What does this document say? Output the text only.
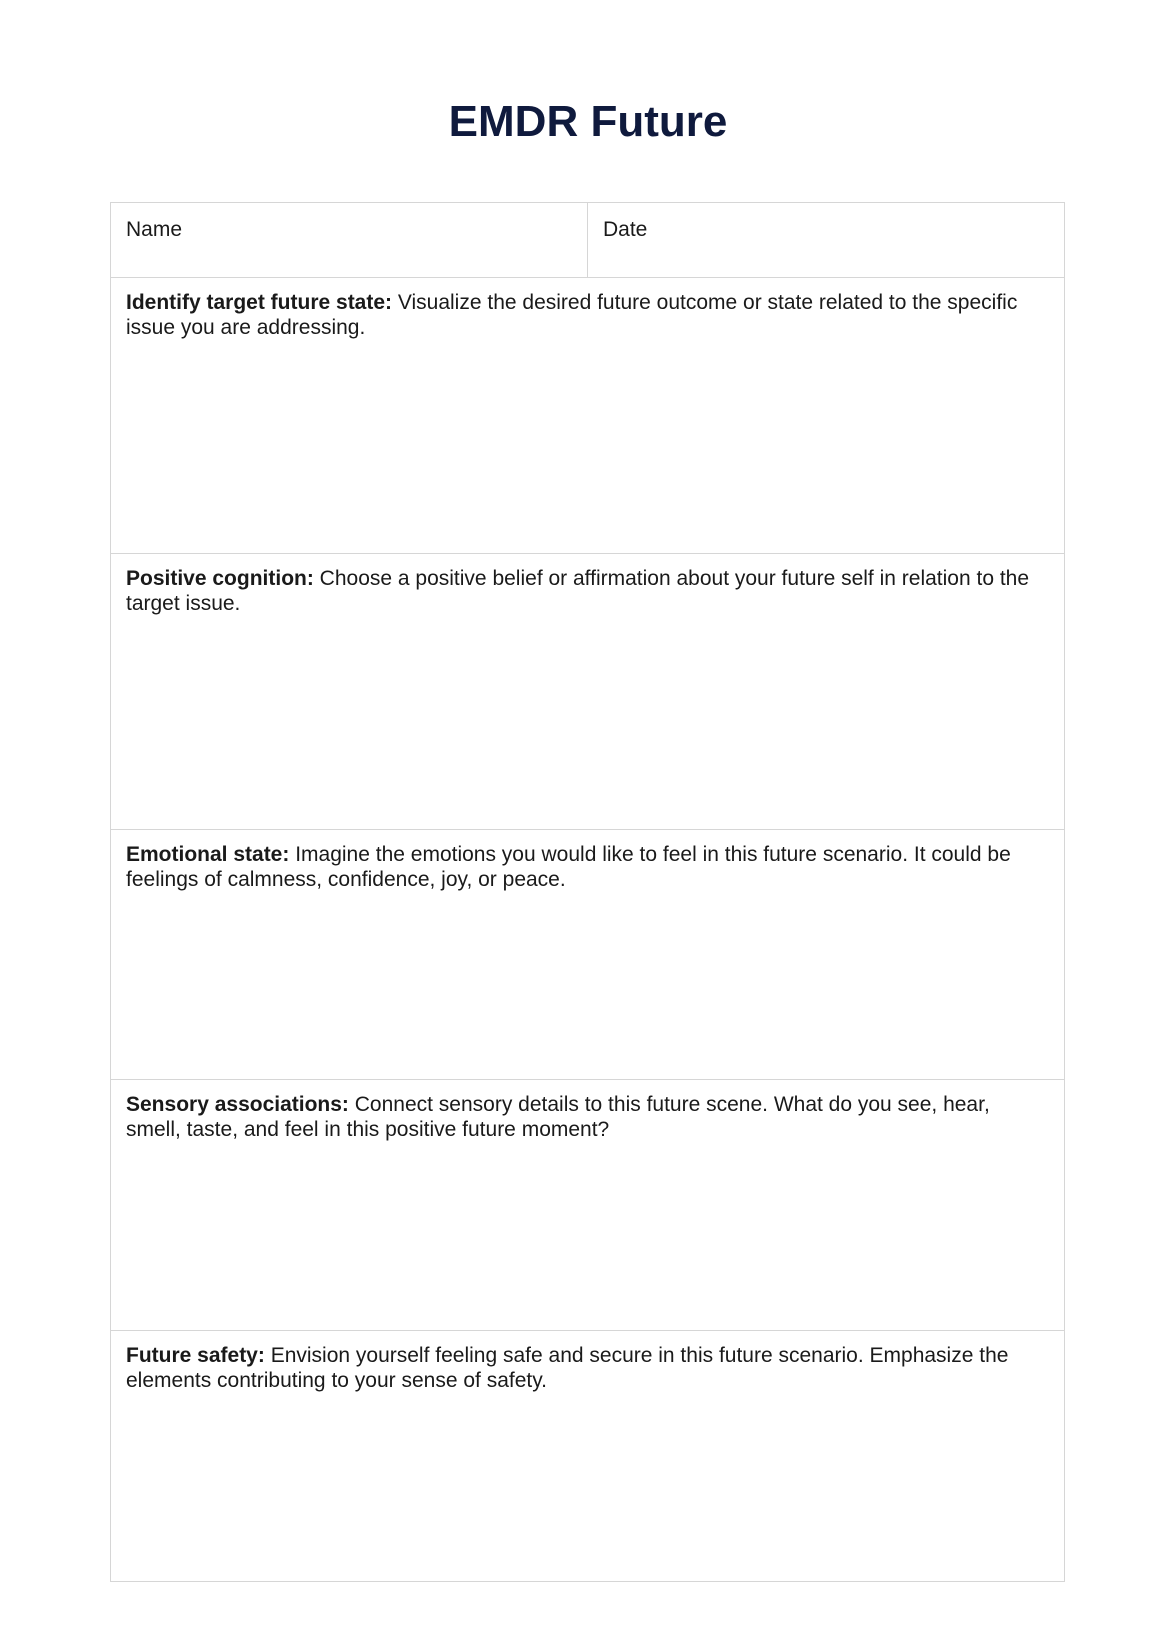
EMDR Future
Name	Date
Identify target future state: Visualize the desired future outcome or state related to the specific issue you are addressing.
Positive cognition: Choose a positive belief or affirmation about your future self in relation to the target issue.
Emotional state: Imagine the emotions you would like to feel in this future scenario. It could be feelings of calmness, confidence, joy, or peace.
Sensory associations: Connect sensory details to this future scene. What do you see, hear, smell, taste, and feel in this positive future moment?
Future safety: Envision yourself feeling safe and secure in this future scenario. Emphasize the elements contributing to your sense of safety.
